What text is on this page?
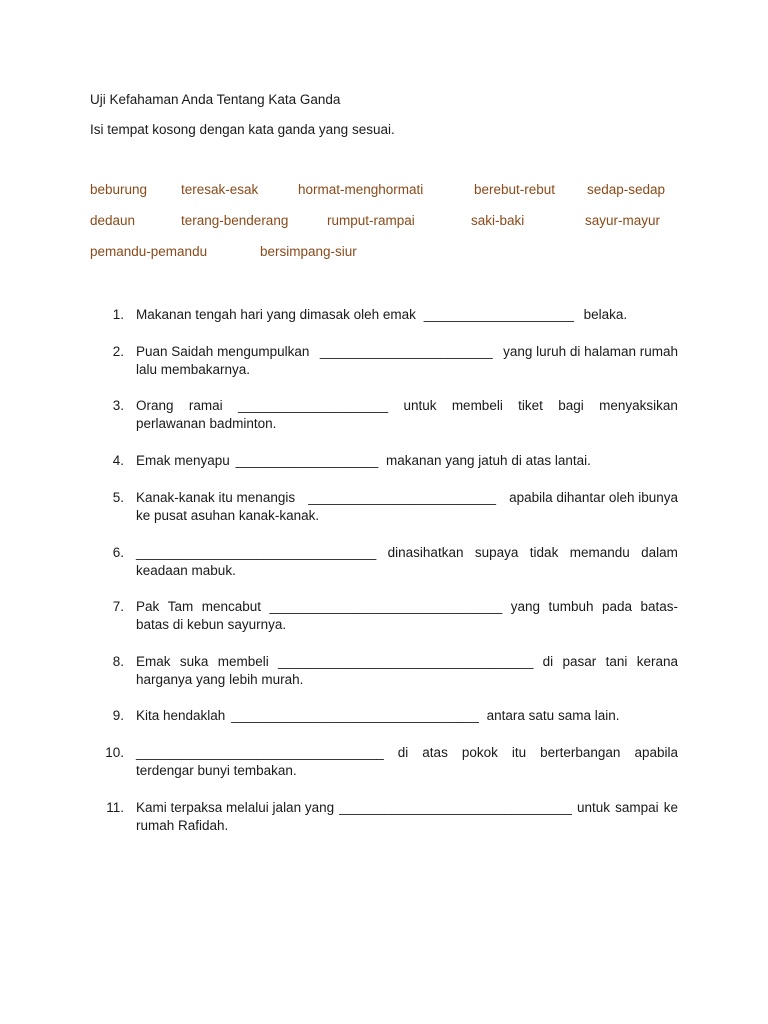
Uji Kefahaman Anda Tentang Kata Ganda
Isi tempat kosong dengan kata ganda yang sesuai.
beburung	teresak-esak	hormat-menghormati	berebut-rebut sedap-sedap
dedaun	terang-benderang	rumput-rampai	saki-baki	sayur-mayur
pemandu-pemandu	bersimpang-siur
1. Makanan tengah hari yang dimasak oleh emak ____________________ belaka.
2. Puan Saidah mengumpulkan _______________________ yang luruh di halaman rumah
lalu membakarnya.
3. Orang ramai ____________________ untuk membeli tiket bagi menyaksikan
perlawanan badminton.
4. Emak menyapu ___________________ makanan yang jatuh di atas lantai.
5. Kanak-kanak itu menangis _________________________ apabila dihantar oleh ibunya
ke pusat asuhan kanak-kanak.
6. ________________________________ dinasihatkan supaya tidak memandu dalam
keadaan mabuk.
7. Pak Tam mencabut _______________________________ yang tumbuh pada batas-
batas di kebun sayurnya.
8. Emak suka membeli __________________________________ di pasar tani kerana
harganya yang lebih murah.
9. Kita hendaklah _________________________________ antara satu sama lain.
10. _________________________________ di atas pokok itu berterbangan apabila
terdengar bunyi tembakan.
11. Kami terpaksa melalui jalan yang _______________________________ untuk sampai ke
rumah Rafidah.
